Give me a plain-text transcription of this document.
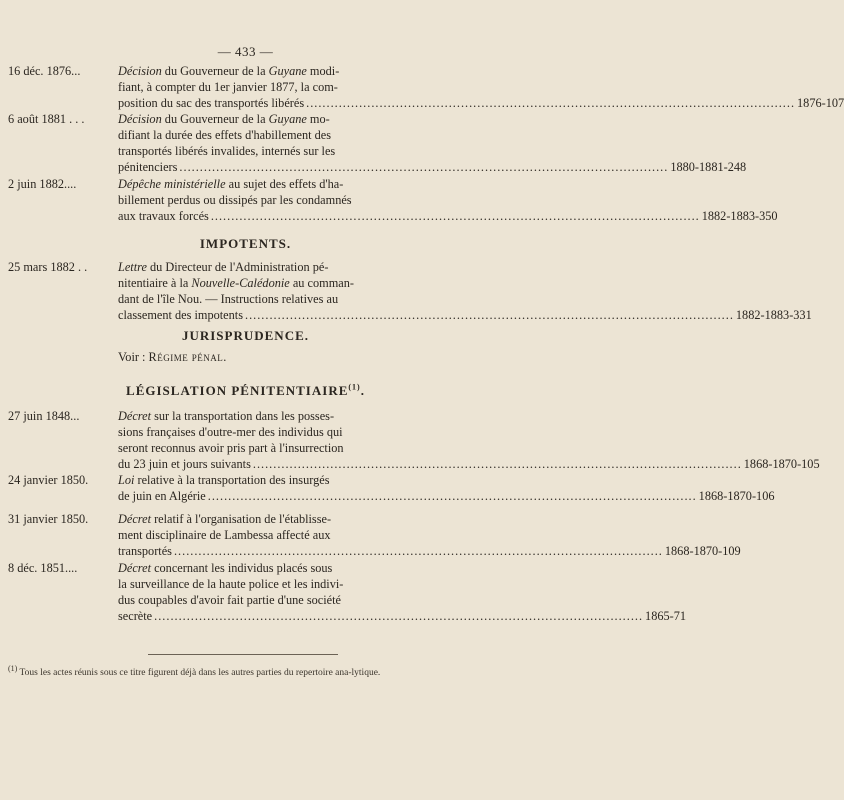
— 433 —
16 déc. 1876...	Décision du Gouverneur de la Guyane modi-
fiant, à compter du 1er janvier 1877, la com-
position du sac des transportés libérés ........................................................................................................................ 1876-107
6 août 1881 . . .	Décision du Gouverneur de la Guyane mo-
difiant la durée des effets d'habillement des
transportés libérés invalides, internés sur les
pénitenciers ........................................................................................................................ 1880-1881-248
2 juin 1882....	Dépêche ministérielle au sujet des effets d'ha-
billement perdus ou dissipés par les condamnés
aux travaux forcés ........................................................................................................................ 1882-1883-350
IMPOTENTS.
25 mars 1882 . .	Lettre du Directeur de l'Administration pé-
nitentiaire à la Nouvelle-Calédonie au comman-
dant de l'île Nou. — Instructions relatives au
classement des impotents ........................................................................................................................ 1882-1883-331
JURISPRUDENCE.
Voir : Régime pénal.
LÉGISLATION PÉNITENTIAIRE$^{(1)}$.
27 juin 1848...	Décret sur la transportation dans les posses-
sions françaises d'outre-mer des individus qui
seront reconnus avoir pris part à l'insurrection
du 23 juin et jours suivants ........................................................................................................................ 1868-1870-105
24 janvier 1850.	Loi relative à la transportation des insurgés
de juin en Algérie ........................................................................................................................ 1868-1870-106
31 janvier 1850.	Décret relatif à l'organisation de l'établisse-
ment disciplinaire de Lambessa affecté aux
transportés ........................................................................................................................ 1868-1870-109
8 déc. 1851....	Décret concernant les individus placés sous
la surveillance de la haute police et les indivi-
dus coupables d'avoir fait partie d'une société
secrète ........................................................................................................................ 1865-71
$^{(1)}$ Tous les actes réunis sous ce titre figurent déjà dans les autres parties du repertoire ana-lytique.
